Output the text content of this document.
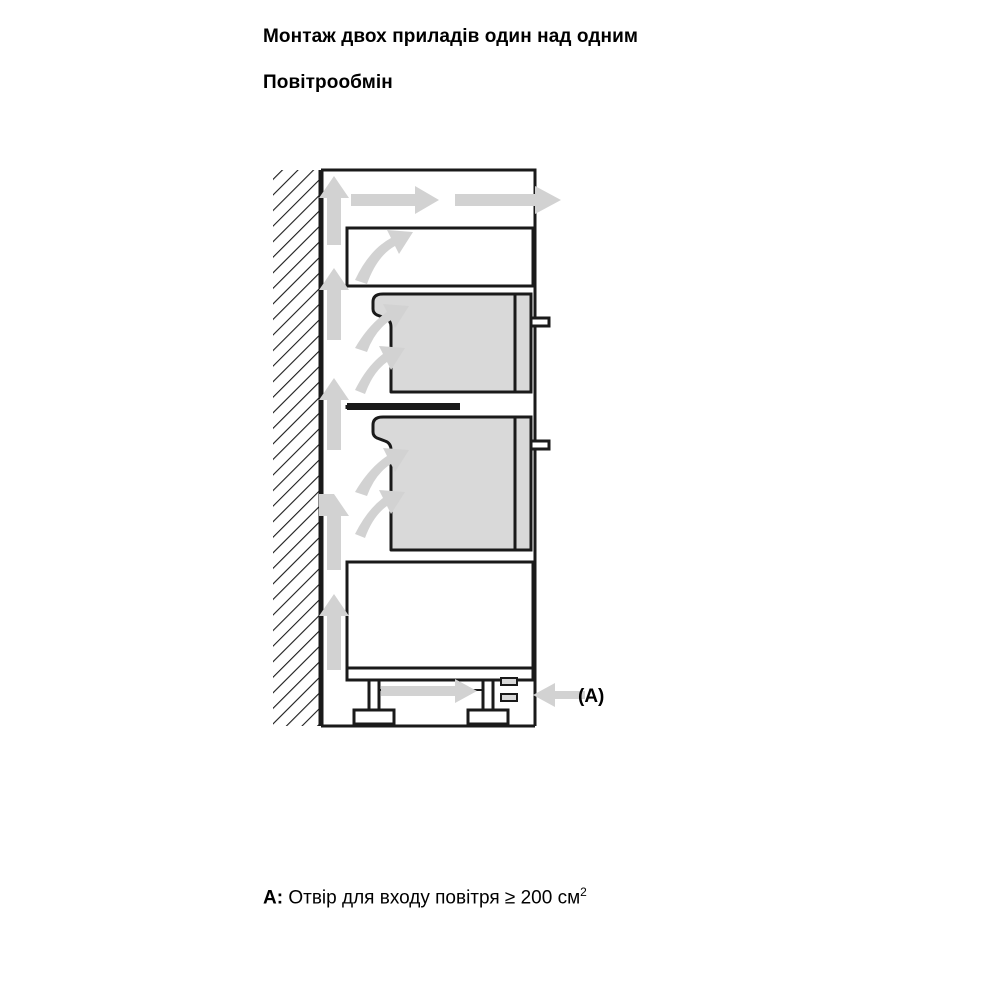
Монтаж двох приладів один над одним
Повітрообмін
(A)
A: Отвір для входу повітря ≥ 200 $см^2$
